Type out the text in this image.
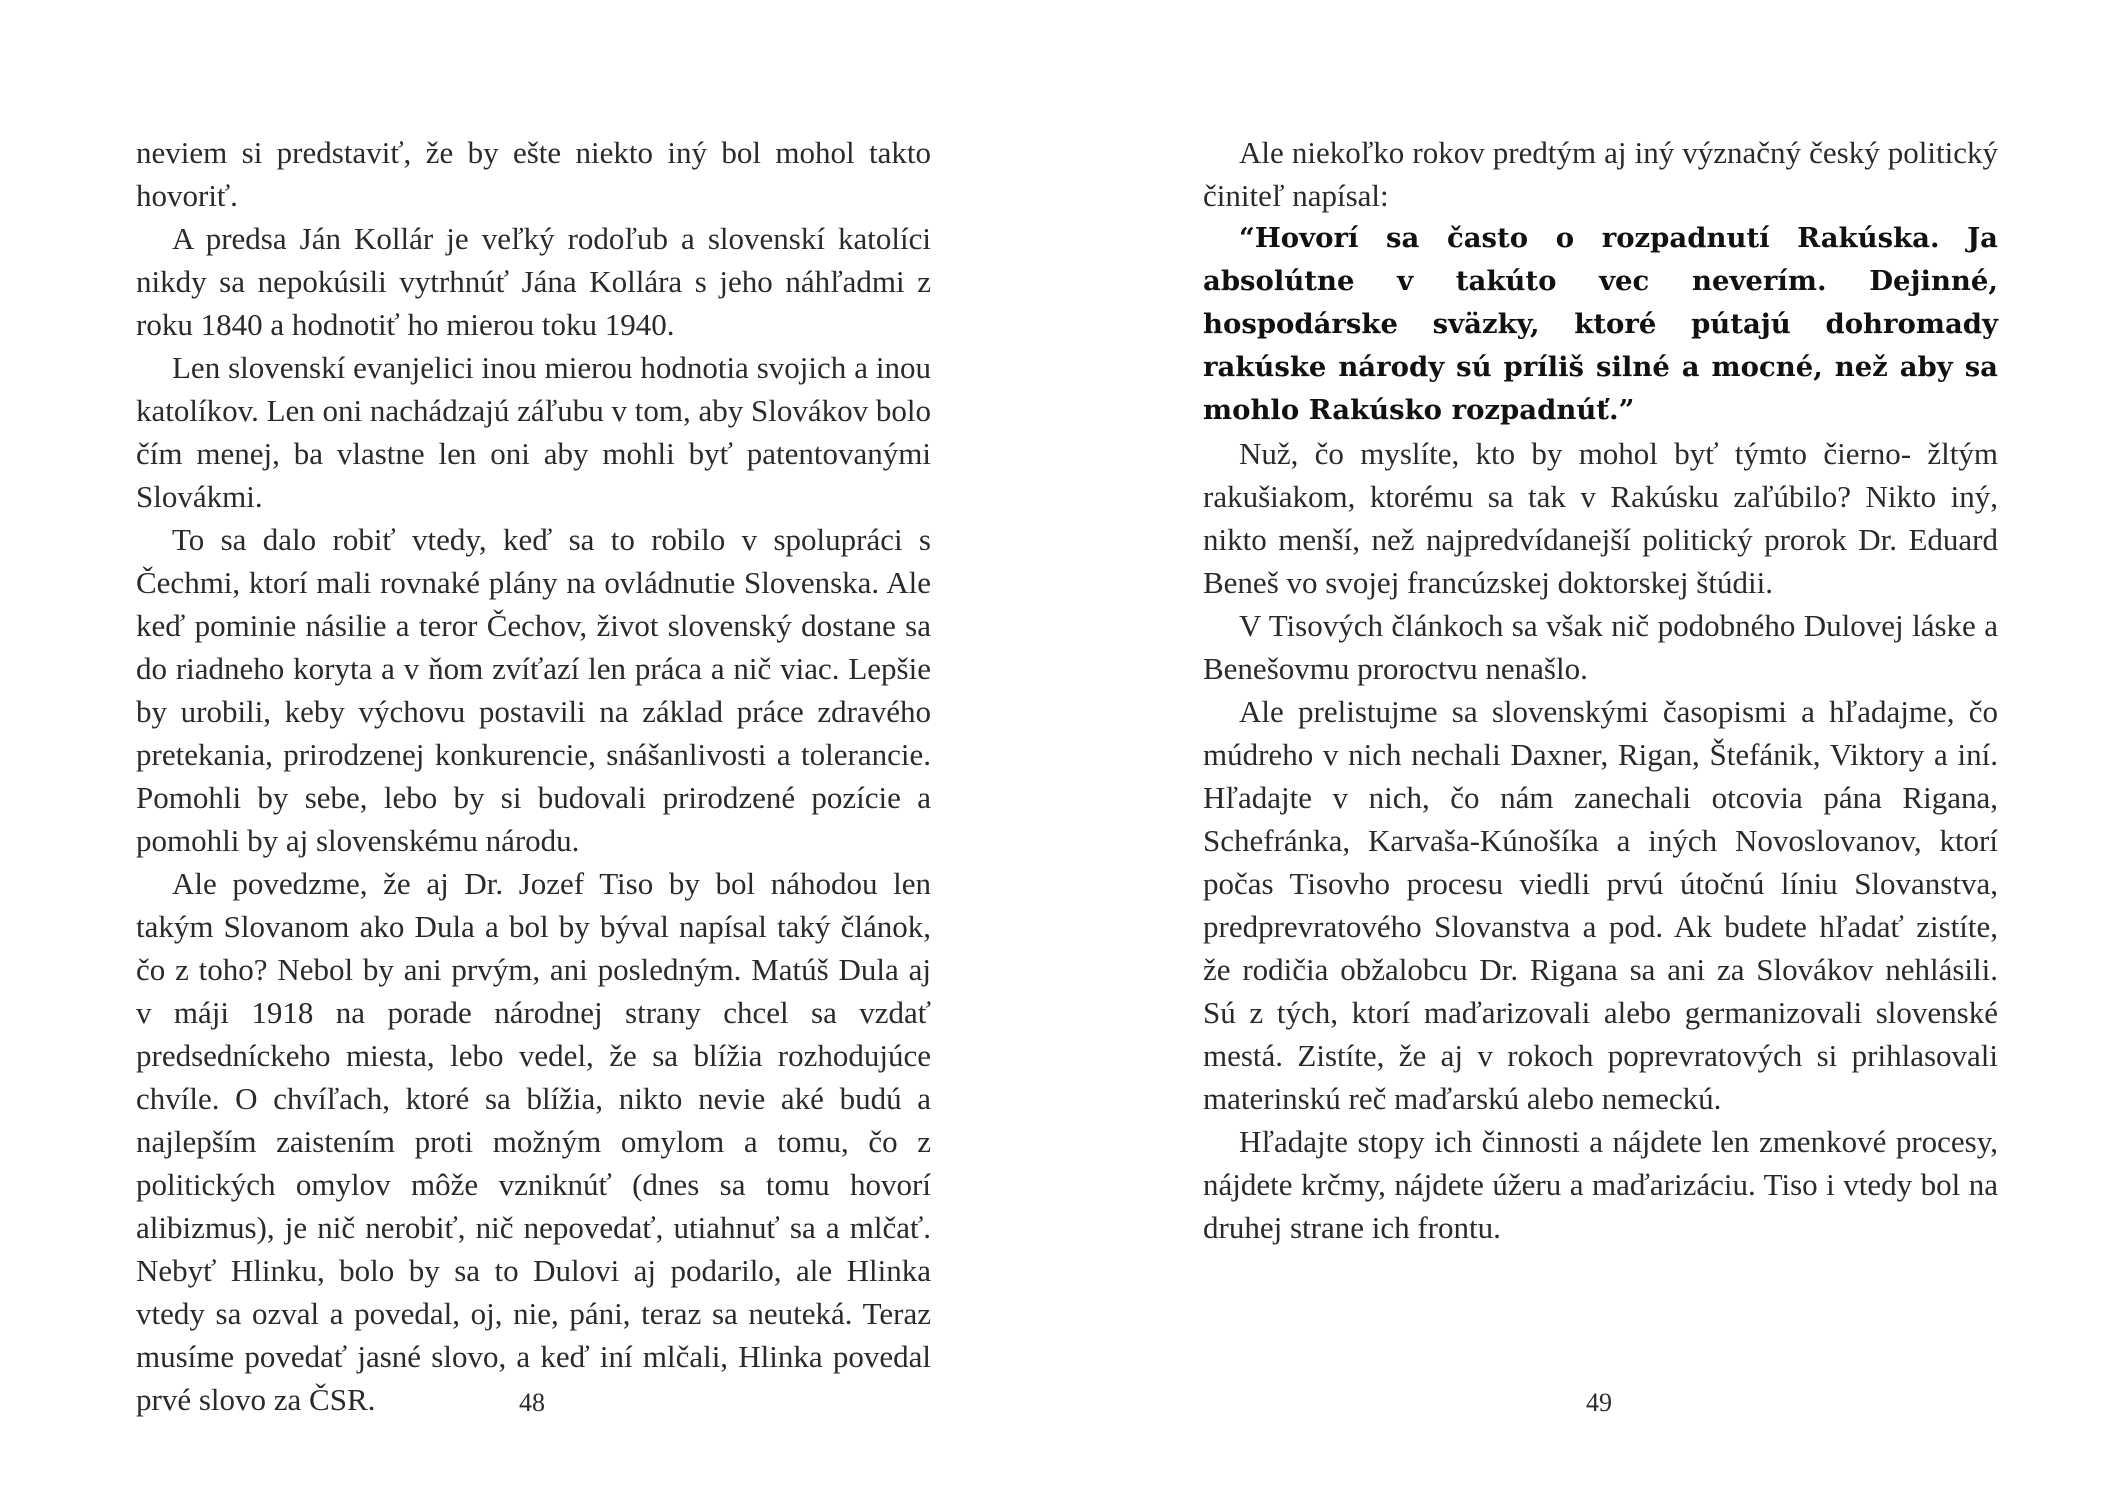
neviem si predstaviť, že by ešte niekto iný bol mohol takto hovoriť.

A predsa Ján Kollár je veľký rodoľub a slovenskí katolíci nikdy sa nepokúsili vytrhnúť Jána Kollára s jeho náhľadmi z roku 1840 a hodnotiť ho mierou toku 1940.

Len slovenskí evanjelici inou mierou hodnotia svojich a inou katolíkov. Len oni nachádzajú záľubu v tom, aby Slovákov bolo čím menej, ba vlastne len oni aby mohli byť patentovanými Slovákmi.

To sa dalo robiť vtedy, keď sa to robilo v spolupráci s Čechmi, ktorí mali rovnaké plány na ovládnutie Slovenska. Ale keď pominie násilie a teror Čechov, život slovenský dostane sa do riadneho koryta a v ňom zvíťazí len práca a nič viac. Lepšie by urobili, keby výchovu postavili na základ práce zdravého pretekania, prirodzenej konkurencie, snášanlivosti a tolerancie. Pomohli by sebe, lebo by si budovali prirodzené pozície a pomohli by aj slovenskému národu.

Ale povedzme, že aj Dr. Jozef Tiso by bol náhodou len takým Slovanom ako Dula a bol by býval napísal taký článok, čo z toho? Nebol by ani prvým, ani posledným. Matúš Dula aj v máji 1918 na porade národnej strany chcel sa vzdať predsedníckeho miesta, lebo vedel, že sa blížia rozhodujúce chvíle. O chvíľach, ktoré sa blížia, nikto nevie aké budú a najlepším zaistením proti možným omylom a tomu, čo z politických omylov môže vzniknúť (dnes sa tomu hovorí alibizmus), je nič nerobiť, nič nepovedať, utiahnuť sa a mlčať. Nebyť Hlinku, bolo by sa to Dulovi aj podarilo, ale Hlinka vtedy sa ozval a povedal, oj, nie, páni, teraz sa neuteká. Teraz musíme povedať jasné slovo, a keď iní mlčali, Hlinka povedal prvé slovo za ČSR.	48

Ale niekoľko rokov predtým aj iný význačný český politický činiteľ napísal:

“Hovorí sa často o rozpadnutí Rakúska. Ja absolútne v takúto vec neverím. Dejinné, hospodárske sväzky, ktoré pútajú dohromady rakúske národy sú príliš silné a mocné, než aby sa mohlo Rakúsko rozpadnúť.”

Nuž, čo myslíte, kto by mohol byť týmto čierno- žltým rakušiakom, ktorému sa tak v Rakúsku zaľúbilo? Nikto iný, nikto menší, než najpredvídanejší politický prorok Dr. Eduard Beneš vo svojej francúzskej doktorskej štúdii.

V Tisových článkoch sa však nič podobného Dulovej láske a Benešovmu proroctvu nenašlo.

Ale prelistujme sa slovenskými časopismi a hľadajme, čo múdreho v nich nechali Daxner, Rigan, Štefánik, Viktory a iní. Hľadajte v nich, čo nám zanechali otcovia pána Rigana, Schefránka, Karvaša-Kúnošíka a iných Novoslovanov, ktorí počas Tisovho procesu viedli prvú útočnú líniu Slovanstva, predprevratového Slovanstva a pod. Ak budete hľadať zistíte, že rodičia obžalobcu Dr. Rigana sa ani za Slovákov nehlásili. Sú z tých, ktorí maďarizovali alebo germanizovali slovenské mestá. Zistíte, že aj v rokoch poprevratových si prihlasovali materinskú reč maďarskú alebo nemeckú.

Hľadajte stopy ich činnosti a nájdete len zmenkové procesy, nájdete krčmy, nájdete úžeru a maďarizáciu. Tiso i vtedy bol na druhej strane ich frontu.

49
